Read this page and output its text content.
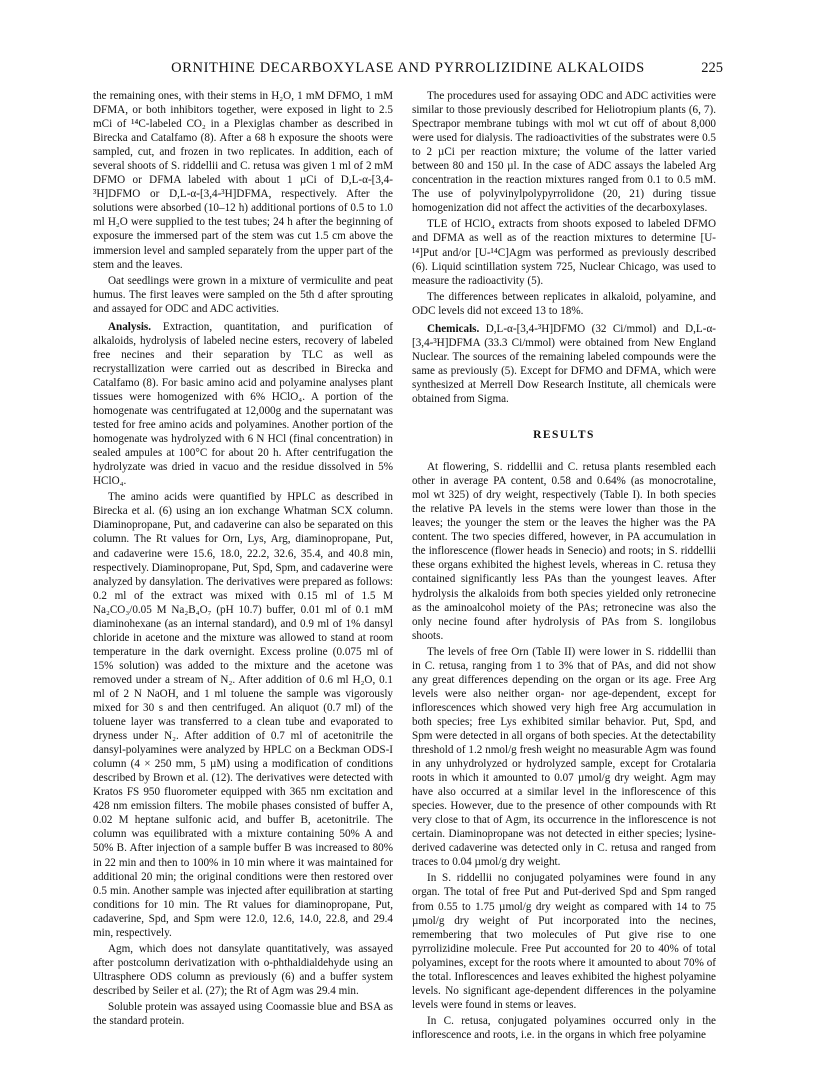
ORNITHINE DECARBOXYLASE AND PYRROLIZIDINE ALKALOIDS	225

the remaining ones, with their stems in H₂O, 1 mM DFMO, 1 mM DFMA, or both inhibitors together, were exposed in light to 2.5 mCi of ¹⁴C-labeled CO₂ in a Plexiglas chamber as described in Birecka and Catalfamo (8). After a 68 h exposure the shoots were sampled, cut, and frozen in two replicates. In addition, each of several shoots of S. riddellii and C. retusa was given 1 ml of 2 mM DFMO or DFMA labeled with about 1 µCi of D,L-α-[3,4-³H]DFMO or D,L-α-[3,4-³H]DFMA, respectively. After the solutions were absorbed (10–12 h) additional portions of 0.5 to 1.0 ml H₂O were supplied to the test tubes; 24 h after the beginning of exposure the immersed part of the stem was cut 1.5 cm above the immersion level and sampled separately from the upper part of the stem and the leaves.

Oat seedlings were grown in a mixture of vermiculite and peat humus. The first leaves were sampled on the 5th d after sprouting and assayed for ODC and ADC activities.

Analysis. Extraction, quantitation, and purification of alkaloids, hydrolysis of labeled necine esters, recovery of labeled free necines and their separation by TLC as well as recrystallization were carried out as described in Birecka and Catalfamo (8). For basic amino acid and polyamine analyses plant tissues were homogenized with 6% HClO₄. A portion of the homogenate was centrifugated at 12,000g and the supernatant was tested for free amino acids and polyamines. Another portion of the homogenate was hydrolyzed with 6 N HCl (final concentration) in sealed ampules at 100°C for about 20 h. After centrifugation the hydrolyzate was dried in vacuo and the residue dissolved in 5% HClO₄.

The amino acids were quantified by HPLC as described in Birecka et al. (6) using an ion exchange Whatman SCX column. Diaminopropane, Put, and cadaverine can also be separated on this column. The Rt values for Orn, Lys, Arg, diaminopropane, Put, and cadaverine were 15.6, 18.0, 22.2, 32.6, 35.4, and 40.8 min, respectively. Diaminopropane, Put, Spd, Spm, and cadaverine were analyzed by dansylation. The derivatives were prepared as follows: 0.2 ml of the extract was mixed with 0.15 ml of 1.5 M Na₂CO₃/0.05 M Na₂B₄O₇ (pH 10.7) buffer, 0.01 ml of 0.1 mM diaminohexane (as an internal standard), and 0.9 ml of 1% dansyl chloride in acetone and the mixture was allowed to stand at room temperature in the dark overnight. Excess proline (0.075 ml of 15% solution) was added to the mixture and the acetone was removed under a stream of N₂. After addition of 0.6 ml H₂O, 0.1 ml of 2 N NaOH, and 1 ml toluene the sample was vigorously mixed for 30 s and then centrifuged. An aliquot (0.7 ml) of the toluene layer was transferred to a clean tube and evaporated to dryness under N₂. After addition of 0.7 ml of acetonitrile the dansyl-polyamines were analyzed by HPLC on a Beckman ODS-I column (4 × 250 mm, 5 µM) using a modification of conditions described by Brown et al. (12). The derivatives were detected with Kratos FS 950 fluorometer equipped with 365 nm excitation and 428 nm emission filters. The mobile phases consisted of buffer A, 0.02 M heptane sulfonic acid, and buffer B, acetonitrile. The column was equilibrated with a mixture containing 50% A and 50% B. After injection of a sample buffer B was increased to 80% in 22 min and then to 100% in 10 min where it was maintained for additional 20 min; the original conditions were then restored over 0.5 min. Another sample was injected after equilibration at starting conditions for 10 min. The Rt values for diaminopropane, Put, cadaverine, Spd, and Spm were 12.0, 12.6, 14.0, 22.8, and 29.4 min, respectively.

Agm, which does not dansylate quantitatively, was assayed after postcolumn derivatization with o-phthaldialdehyde using an Ultrasphere ODS column as previously (6) and a buffer system described by Seiler et al. (27); the Rt of Agm was 29.4 min.

Soluble protein was assayed using Coomassie blue and BSA as the standard protein.

The procedures used for assaying ODC and ADC activities were similar to those previously described for Heliotropium plants (6, 7). Spectrapor membrane tubings with mol wt cut off of about 8,000 were used for dialysis. The radioactivities of the substrates were 0.5 to 2 µCi per reaction mixture; the volume of the latter varied between 80 and 150 µl. In the case of ADC assays the labeled Arg concentration in the reaction mixtures ranged from 0.1 to 0.5 mM. The use of polyvinylpolypyrrolidone (20, 21) during tissue homogenization did not affect the activities of the decarboxylases.

TLE of HClO₄ extracts from shoots exposed to labeled DFMO and DFMA as well as of the reaction mixtures to determine [U-¹⁴]Put and/or [U-¹⁴C]Agm was performed as previously described (6). Liquid scintillation system 725, Nuclear Chicago, was used to measure the radioactivity (5).

The differences between replicates in alkaloid, polyamine, and ODC levels did not exceed 13 to 18%.

Chemicals. D,L-α-[3,4-³H]DFMO (32 Ci/mmol) and D,L-α-[3,4-³H]DFMA (33.3 Ci/mmol) were obtained from New England Nuclear. The sources of the remaining labeled compounds were the same as previously (5). Except for DFMO and DFMA, which were synthesized at Merrell Dow Research Institute, all chemicals were obtained from Sigma.

RESULTS

At flowering, S. riddellii and C. retusa plants resembled each other in average PA content, 0.58 and 0.64% (as monocrotaline, mol wt 325) of dry weight, respectively (Table I). In both species the relative PA levels in the stems were lower than those in the leaves; the younger the stem or the leaves the higher was the PA content. The two species differed, however, in PA accumulation in the inflorescence (flower heads in Senecio) and roots; in S. riddellii these organs exhibited the highest levels, whereas in C. retusa they contained significantly less PAs than the youngest leaves. After hydrolysis the alkaloids from both species yielded only retronecine as the aminoalcohol moiety of the PAs; retronecine was also the only necine found after hydrolysis of PAs from S. longilobus shoots.

The levels of free Orn (Table II) were lower in S. riddellii than in C. retusa, ranging from 1 to 3% that of PAs, and did not show any great differences depending on the organ or its age. Free Arg levels were also neither organ- nor age-dependent, except for inflorescences which showed very high free Arg accumulation in both species; free Lys exhibited similar behavior. Put, Spd, and Spm were detected in all organs of both species. At the detectability threshold of 1.2 nmol/g fresh weight no measurable Agm was found in any unhydrolyzed or hydrolyzed sample, except for Crotalaria roots in which it amounted to 0.07 µmol/g dry weight. Agm may have also occurred at a similar level in the inflorescence of this species. However, due to the presence of other compounds with Rt very close to that of Agm, its occurrence in the inflorescence is not certain. Diaminopropane was not detected in either species; lysine-derived cadaverine was detected only in C. retusa and ranged from traces to 0.04 µmol/g dry weight.

In S. riddellii no conjugated polyamines were found in any organ. The total of free Put and Put-derived Spd and Spm ranged from 0.55 to 1.75 µmol/g dry weight as compared with 14 to 75 µmol/g dry weight of Put incorporated into the necines, remembering that two molecules of Put give rise to one pyrrolizidine molecule. Free Put accounted for 20 to 40% of total polyamines, except for the roots where it amounted to about 70% of the total. Inflorescences and leaves exhibited the highest polyamine levels. No significant age-dependent differences in the polyamine levels were found in stems or leaves.

In C. retusa, conjugated polyamines occurred only in the inflorescence and roots, i.e. in the organs in which free polyamine
